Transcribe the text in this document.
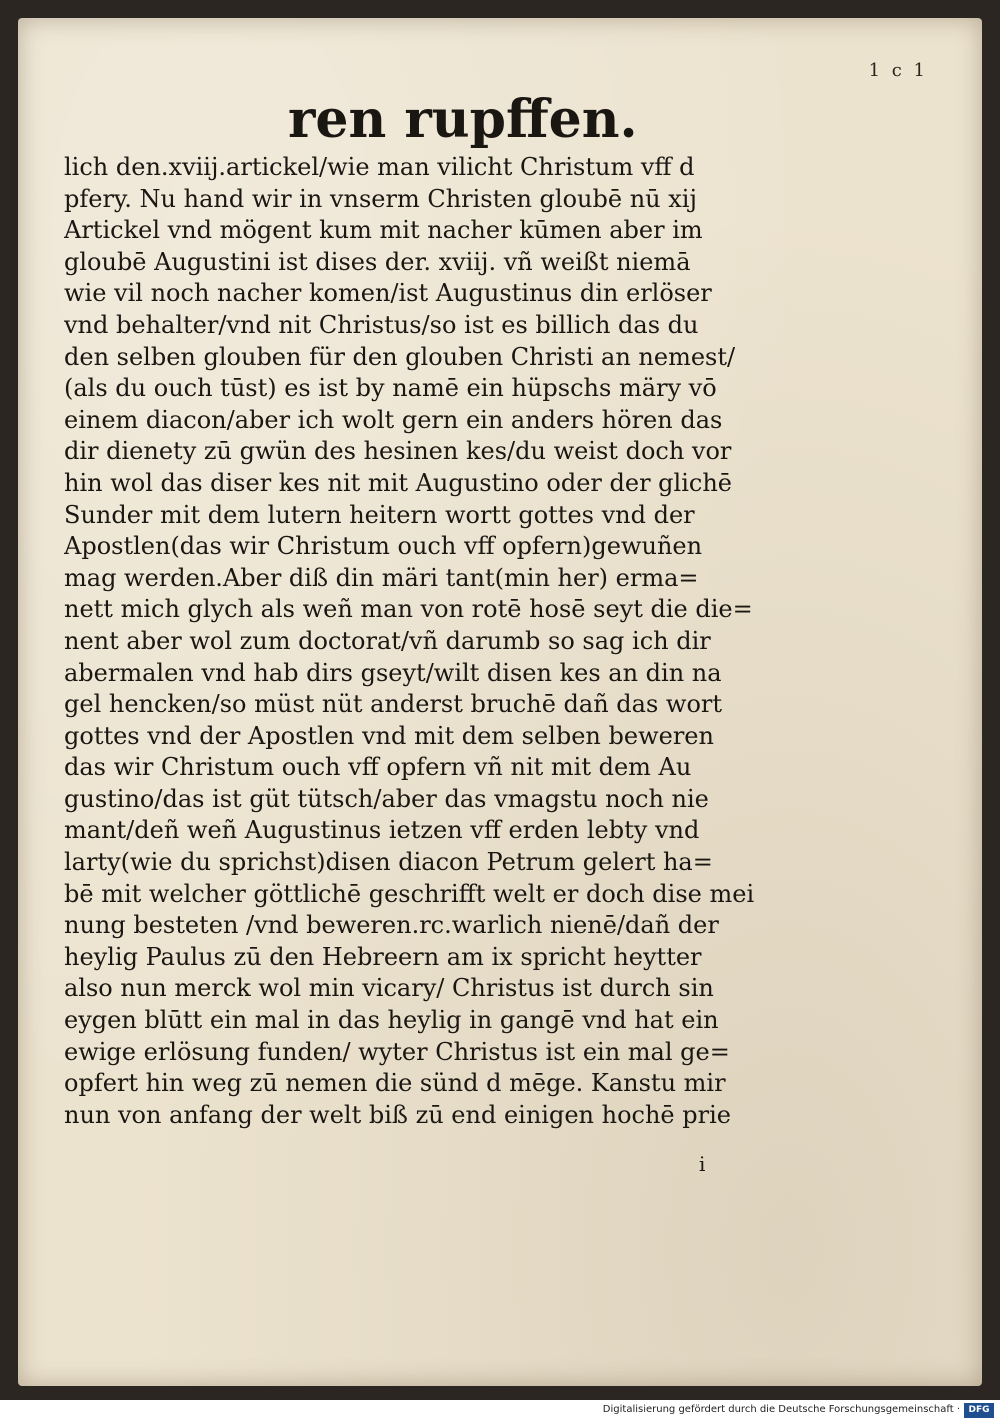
1 c 1
ren rupffen.
lich den.xviij.artickel/wie man vilicht Christum vff d
pfery. Nu hand wir in vnserm Christen gloubē nū xij
Artickel vnd mögent kum mit nacher kūmen aber im
gloubē Augustini ist dises der. xviij. vñ weißt niemā
wie vil noch nacher komen/ist Augustinus din erlöser
vnd behalter/vnd nit Christus/so ist es billich das du
den selben glouben für den glouben Christi an nemest/
(als du ouch tūst) es ist by namē ein hüpschs märy vō
einem diacon/aber ich wolt gern ein anders hören das
dir dienety zū gwün des hesinen kes/du weist doch vor
hin wol das diser kes nit mit Augustino oder der glichē
Sunder mit dem lutern heitern wortt gottes vnd der
Apostlen(das wir Christum ouch vff opfern)gewuñen
mag werden.Aber diß din märi tant(min her) erma=
nett mich glych als weñ man von rotē hosē seyt die die=
nent aber wol zum doctorat/vñ darumb so sag ich dir
abermalen vnd hab dirs gseyt/wilt disen kes an din na
gel hencken/so müst nüt anderst bruchē dañ das wort
gottes vnd der Apostlen vnd mit dem selben beweren
das wir Christum ouch vff opfern vñ nit mit dem Au
gustino/das ist güt tütsch/aber das vmagstu noch nie
mant/deñ weñ Augustinus ietzen vff erden lebty vnd
larty(wie du sprichst)disen diacon Petrum gelert ha=
bē mit welcher göttlichē geschrifft welt er doch dise mei
nung besteten /vnd beweren.rc.warlich nienē/dañ der
heylig Paulus zū den Hebreern am ix spricht heytter
also nun merck wol min vicary/ Christus ist durch sin
eygen blūtt ein mal in das heylig in gangē vnd hat ein
ewige erlösung funden/ wyter Christus ist ein mal ge=
opfert hin weg zū nemen die sünd d mēge. Kanstu mir
nun von anfang der welt biß zū end einigen hochē prie
i
Digitalisierung gefördert durch die Deutsche Forschungsgemeinschaft · DFG
